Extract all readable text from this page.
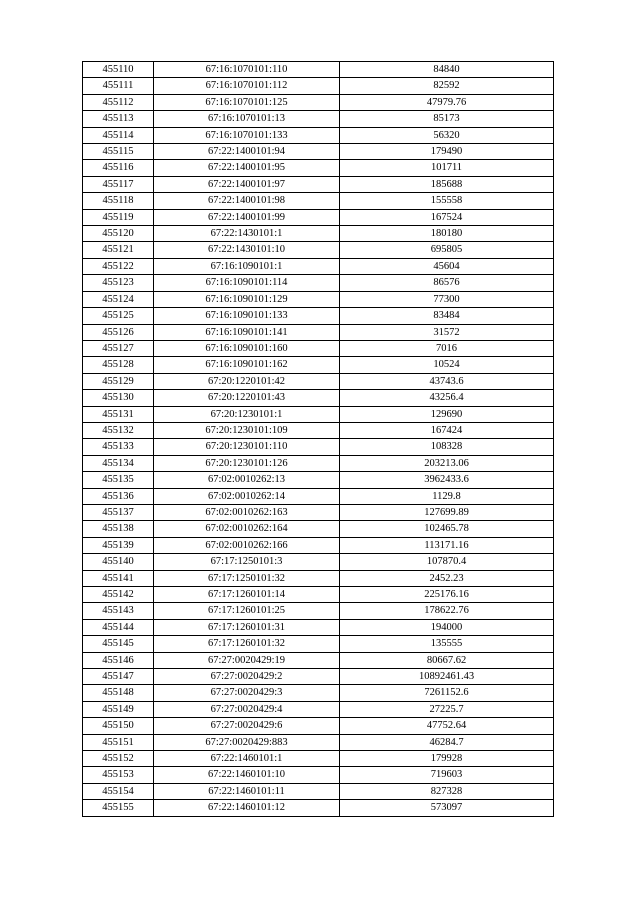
455110	67:16:1070101:110	84840
455111	67:16:1070101:112	82592
455112	67:16:1070101:125	47979.76
455113	67:16:1070101:13	85173
455114	67:16:1070101:133	56320
455115	67:22:1400101:94	179490
455116	67:22:1400101:95	101711
455117	67:22:1400101:97	185688
455118	67:22:1400101:98	155558
455119	67:22:1400101:99	167524
455120	67:22:1430101:1	180180
455121	67:22:1430101:10	695805
455122	67:16:1090101:1	45604
455123	67:16:1090101:114	86576
455124	67:16:1090101:129	77300
455125	67:16:1090101:133	83484
455126	67:16:1090101:141	31572
455127	67:16:1090101:160	7016
455128	67:16:1090101:162	10524
455129	67:20:1220101:42	43743.6
455130	67:20:1220101:43	43256.4
455131	67:20:1230101:1	129690
455132	67:20:1230101:109	167424
455133	67:20:1230101:110	108328
455134	67:20:1230101:126	203213.06
455135	67:02:0010262:13	3962433.6
455136	67:02:0010262:14	1129.8
455137	67:02:0010262:163	127699.89
455138	67:02:0010262:164	102465.78
455139	67:02:0010262:166	113171.16
455140	67:17:1250101:3	107870.4
455141	67:17:1250101:32	2452.23
455142	67:17:1260101:14	225176.16
455143	67:17:1260101:25	178622.76
455144	67:17:1260101:31	194000
455145	67:17:1260101:32	135555
455146	67:27:0020429:19	80667.62
455147	67:27:0020429:2	10892461.43
455148	67:27:0020429:3	7261152.6
455149	67:27:0020429:4	27225.7
455150	67:27:0020429:6	47752.64
455151	67:27:0020429:883	46284.7
455152	67:22:1460101:1	179928
455153	67:22:1460101:10	719603
455154	67:22:1460101:11	827328
455155	67:22:1460101:12	573097
